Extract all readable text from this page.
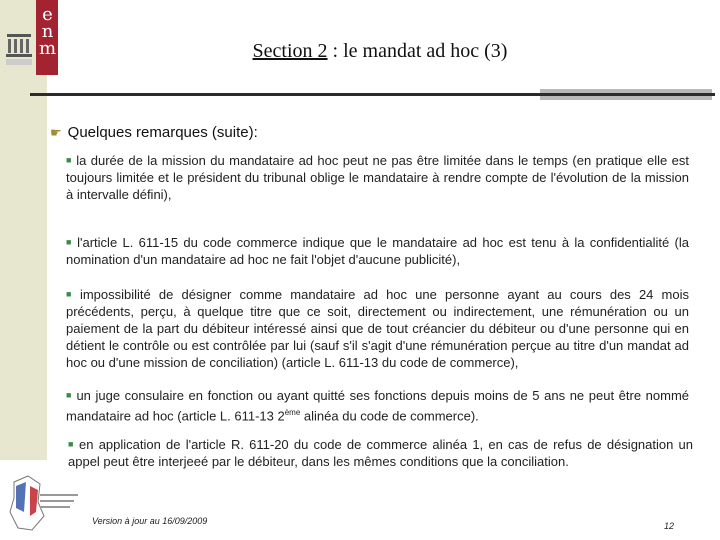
enm	Section 2 : le mandat ad hoc (3)
☛ Quelques remarques (suite):
■ la durée de la mission du mandataire ad hoc peut ne pas être limitée dans le temps (en pratique elle est toujours limitée et le président du tribunal oblige le mandataire à rendre compte de l'évolution de la mission à intervalle défini),
■ l'article L. 611-15 du code commerce indique que le mandataire ad hoc est tenu à la confidentialité (la nomination d'un mandataire ad hoc ne fait l'objet d'aucune publicité),
■ impossibilité de désigner comme mandataire ad hoc une personne ayant au cours des 24 mois précédents, perçu, à quelque titre que ce soit, directement ou indirectement, une rémunération ou un paiement de la part du débiteur intéressé ainsi que de tout créancier du débiteur ou d'une personne qui en détient le contrôle ou est contrôlée par lui (sauf s'il s'agit d'une rémunération perçue au titre d'un mandat ad hoc ou d'une mission de conciliation) (article L. 611-13 du code de commerce),
■ un juge consulaire en fonction ou ayant quitté ses fonctions depuis moins de 5 ans ne peut être nommé mandataire ad hoc (article L. 611-13 2ème alinéa du code de commerce).
■ en application de l'article R. 611-20 du code de commerce alinéa 1, en cas de refus de désignation un appel peut être interjeeé par le débiteur, dans les mêmes conditions que la conciliation.
Version à jour au 16/09/2009	12
